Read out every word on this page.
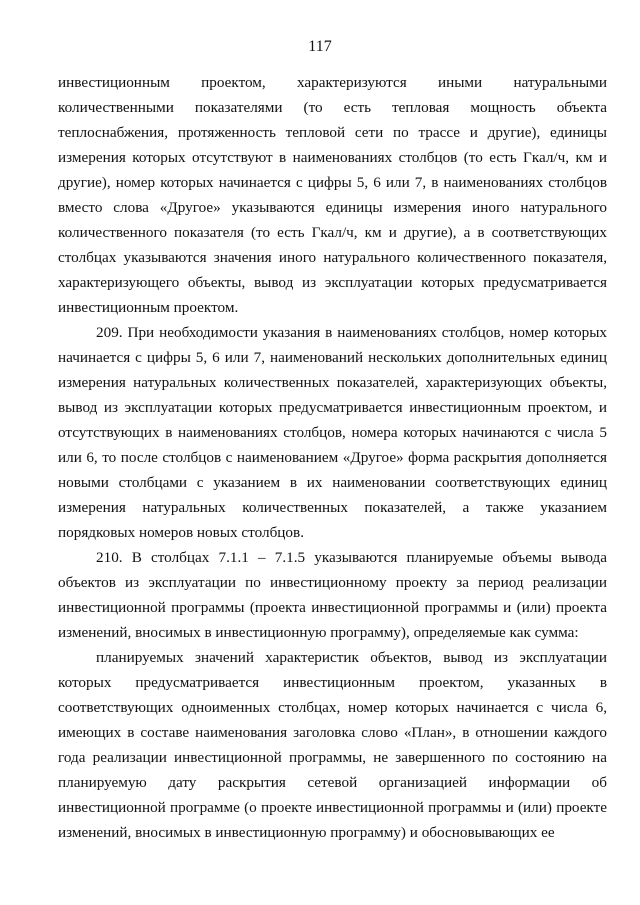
117
инвестиционным проектом, характеризуются иными натуральными
количественными показателями (то есть тепловая мощность объекта
теплоснабжения, протяженность тепловой сети по трассе и другие), единицы
измерения которых отсутствуют в наименованиях столбцов (то есть Гкал/ч, км и
другие), номер которых начинается с цифры 5, 6 или 7, в наименованиях столбцов
вместо слова «Другое» указываются единицы измерения иного натурального
количественного показателя (то есть Гкал/ч, км и другие), а в соответствующих
столбцах указываются значения иного натурального количественного показателя,
характеризующего объекты, вывод из эксплуатации которых предусматривается
инвестиционным проектом.
209. При необходимости указания в наименованиях столбцов, номер которых
начинается с цифры 5, 6 или 7, наименований нескольких дополнительных единиц
измерения натуральных количественных показателей, характеризующих объекты,
вывод из эксплуатации которых предусматривается инвестиционным проектом, и
отсутствующих в наименованиях столбцов, номера которых начинаются с числа 5
или 6, то после столбцов с наименованием «Другое» форма раскрытия дополняется
новыми столбцами с указанием в их наименовании соответствующих единиц
измерения натуральных количественных показателей, а также указанием
порядковых номеров новых столбцов.
210. В столбцах 7.1.1 – 7.1.5 указываются планируемые объемы вывода
объектов из эксплуатации по инвестиционному проекту за период реализации
инвестиционной программы (проекта инвестиционной программы и (или) проекта
изменений, вносимых в инвестиционную программу), определяемые как сумма:
планируемых значений характеристик объектов, вывод из эксплуатации
которых предусматривается инвестиционным проектом, указанных в
соответствующих одноименных столбцах, номер которых начинается с числа 6,
имеющих в составе наименования заголовка слово «План», в отношении каждого
года реализации инвестиционной программы, не завершенного по состоянию на
планируемую дату раскрытия сетевой организацией информации об
инвестиционной программе (о проекте инвестиционной программы и (или) проекте
изменений, вносимых в инвестиционную программу) и обосновывающих ее
